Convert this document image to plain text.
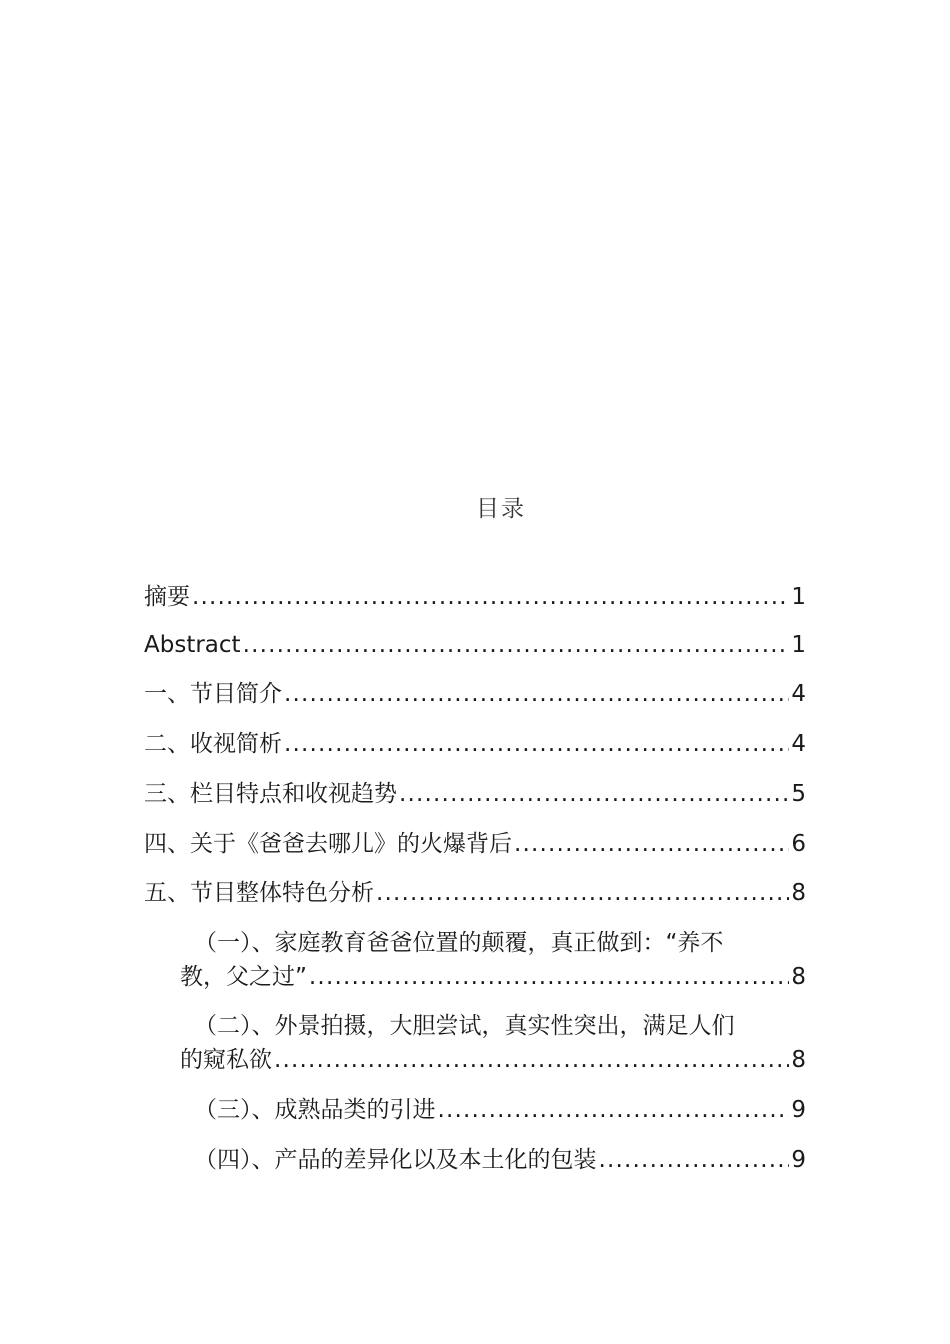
目录
摘要 .....	1
Abstract .....	1
一、节目简介 .....	4
二、收视简析 .....	4
三、栏目特点和收视趋势 .....	5
四、关于《爸爸去哪儿》的火爆背后 .....	6
五、节目整体特色分析 .....	8
（一）、家庭教育爸爸位置的颠覆，真正做到：“养不
教，父之过” .....	8
（二）、外景拍摄，大胆尝试，真实性突出，满足人们
的窥私欲 .....	8
（三）、成熟品类的引进 .....	9
（四）、产品的差异化以及本土化的包装 .....	9
